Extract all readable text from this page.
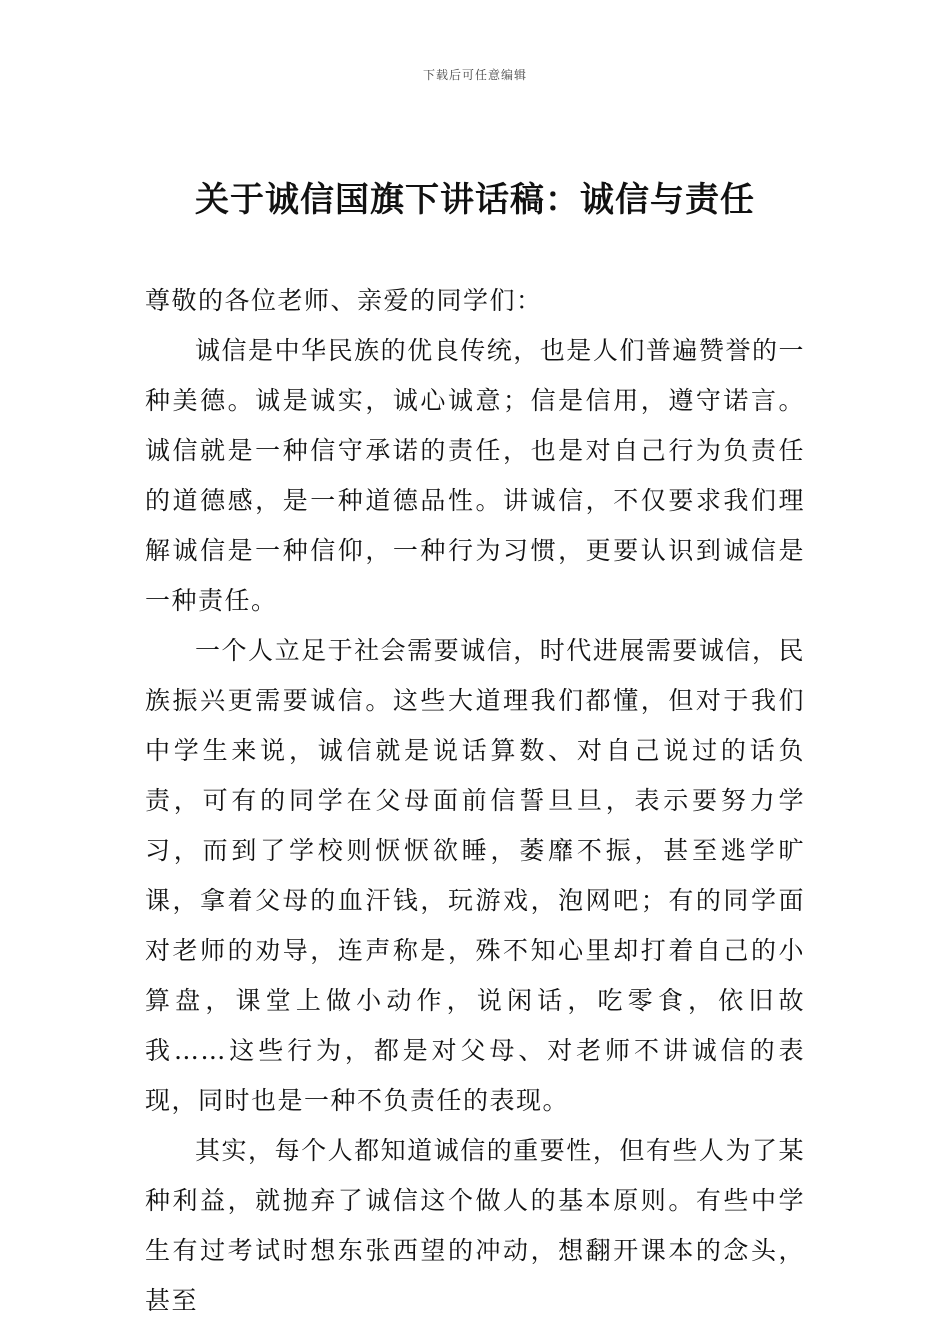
下载后可任意编辑
关于诚信国旗下讲话稿：诚信与责任

尊敬的各位老师、亲爱的同学们：

诚信是中华民族的优良传统，也是人们普遍赞誉的一种美德。诚是诚实，诚心诚意；信是信用，遵守诺言。诚信就是一种信守承诺的责任，也是对自己行为负责任的道德感，是一种道德品性。讲诚信，不仅要求我们理解诚信是一种信仰，一种行为习惯，更要认识到诚信是一种责任。

一个人立足于社会需要诚信，时代进展需要诚信，民族振兴更需要诚信。这些大道理我们都懂，但对于我们中学生来说，诚信就是说话算数、对自己说过的话负责，可有的同学在父母面前信誓旦旦，表示要努力学习，而到了学校则恹恹欲睡，萎靡不振，甚至逃学旷课，拿着父母的血汗钱，玩游戏，泡网吧；有的同学面对老师的劝导，连声称是，殊不知心里却打着自己的小算盘，课堂上做小动作，说闲话，吃零食，依旧故我……这些行为，都是对父母、对老师不讲诚信的表现，同时也是一种不负责任的表现。

其实，每个人都知道诚信的重要性，但有些人为了某种利益，就抛弃了诚信这个做人的基本原则。有些中学生有过考试时想东张西望的冲动，想翻开课本的念头，甚至
